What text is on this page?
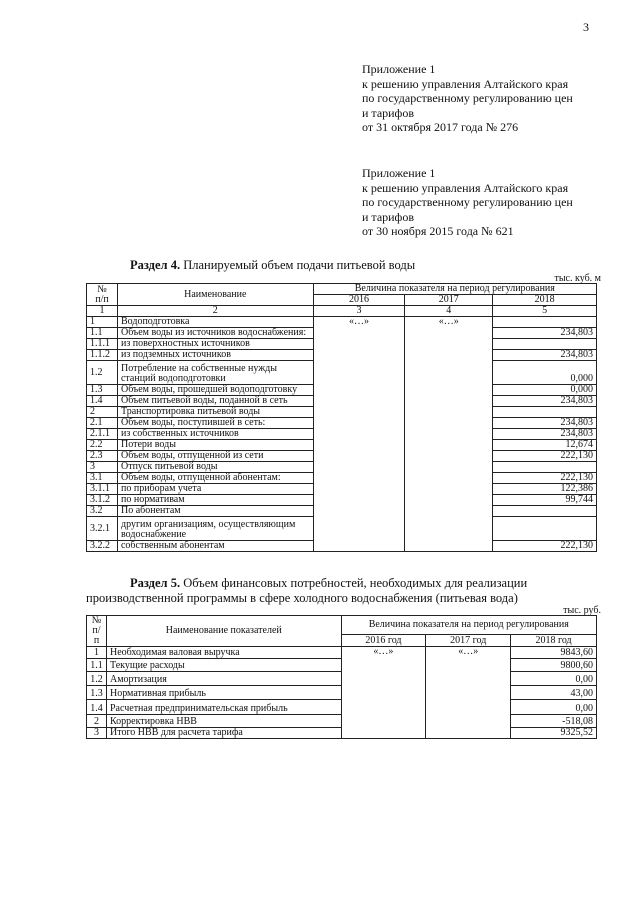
3
Приложение 1
к решению управления Алтайского края
по государственному регулированию цен
и тарифов
от 31 октября 2017 года № 276
Приложение 1
к решению управления Алтайского края
по государственному регулированию цен
и тарифов
от 30 ноября 2015 года № 621
Раздел 4. Планируемый объем подачи питьевой воды
тыс. куб. м
№
п/п	Наименование	Величина показателя на период регулирования		
		2016	2017	2018
1	2	3	4	5
1	Водоподготовка	«…»	«…»	
1.1	Объем воды из источников водоснабжения:			234,803
1.1.1	из поверхностных источников			
1.1.2	из подземных источников			234,803
1.2	Потребление на собственные нужды станций водоподготовки			0,000
1.3	Объем воды, прошедшей водоподготовку			0,000
1.4	Объем питьевой воды, поданной в сеть			234,803
2	Транспортировка питьевой воды			
2.1	Объем воды, поступившей в сеть:			234,803
2.1.1	из собственных источников			234,803
2.2	Потери воды			12,674
2.3	Объем воды, отпущенной из сети			222,130
3	Отпуск питьевой воды			
3.1	Объем воды, отпущенной абонентам:			222,130
3.1.1	по приборам учета			122,386
3.1.2	по нормативам			99,744
3.2	По абонентам			
3.2.1	другим организациям, осуществляющим водоснабжение			
3.2.2	собственным абонентам			222,130
Раздел 5. Объем финансовых потребностей, необходимых для реализации производственной программы в сфере холодного водоснабжения (питьевая вода)
тыс. руб.
№
п/п	Наименование показателей	Величина показателя на период регулирования		
		2016 год	2017 год	2018 год
1	Необходимая валовая выручка	«…»	«…»	9843,60
1.1	Текущие расходы			9800,60
1.2	Амортизация			0,00
1.3	Нормативная прибыль			43,00
1.4	Расчетная предпринимательская прибыль			0,00
2	Корректировка НВВ			-518,08
3	Итого НВВ для расчета тарифа			9325,52
